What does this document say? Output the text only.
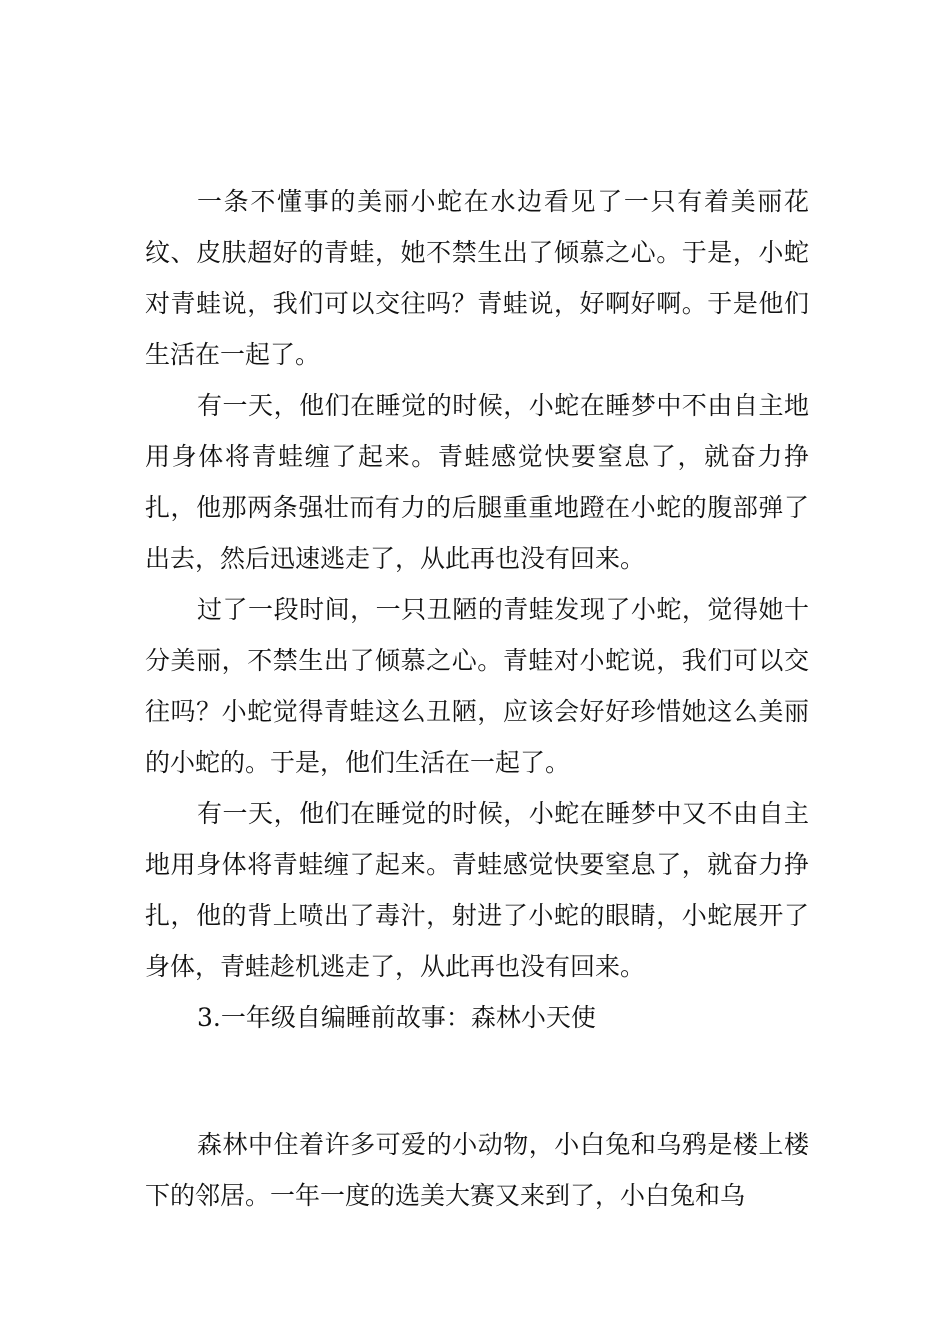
一条不懂事的美丽小蛇在水边看见了一只有着美丽花纹、皮肤超好的青蛙，她不禁生出了倾慕之心。于是，小蛇对青蛙说，我们可以交往吗？青蛙说，好啊好啊。于是他们生活在一起了。

有一天，他们在睡觉的时候，小蛇在睡梦中不由自主地用身体将青蛙缠了起来。青蛙感觉快要窒息了，就奋力挣扎，他那两条强壮而有力的后腿重重地蹬在小蛇的腹部弹了出去，然后迅速逃走了，从此再也没有回来。

过了一段时间，一只丑陋的青蛙发现了小蛇，觉得她十分美丽，不禁生出了倾慕之心。青蛙对小蛇说，我们可以交往吗？小蛇觉得青蛙这么丑陋，应该会好好珍惜她这么美丽的小蛇的。于是，他们生活在一起了。

有一天，他们在睡觉的时候，小蛇在睡梦中又不由自主地用身体将青蛙缠了起来。青蛙感觉快要窒息了，就奋力挣扎，他的背上喷出了毒汁，射进了小蛇的眼睛，小蛇展开了身体，青蛙趁机逃走了，从此再也没有回来。

3.一年级自编睡前故事：森林小天使

森林中住着许多可爱的小动物，小白兔和乌鸦是楼上楼下的邻居。一年一度的选美大赛又来到了，小白兔和乌
